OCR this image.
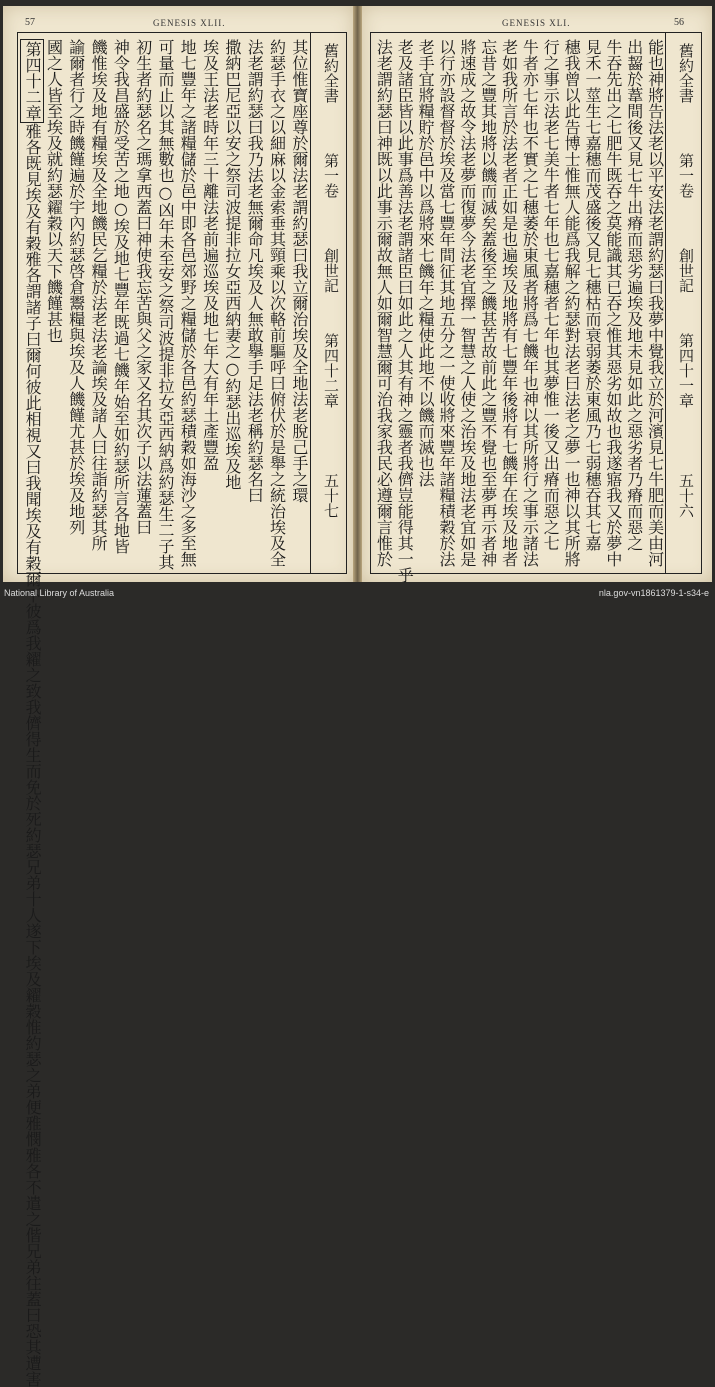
57	GENESIS XLII.
其位惟寶座尊於爾法老謂約瑟曰我立爾治埃及全地法老脫己手之環
約瑟手衣之以細麻以金索垂其頸乘以次輅前驅呼曰俯伏於是舉之統治埃及全
法老謂約瑟曰我乃法老無爾命凡埃及人無敢擧手足法老稱約瑟名曰
撒納巴尼亞以安之祭司波提非拉女亞西納妻之○約瑟出巡埃及地
埃及王法老時年三十離法老前遍巡埃及地七年大有年土產豐盈
地七豐年之諸糧儲於邑中即各邑郊野之糧儲於各邑約瑟積穀如海沙之多至無
可量而止以其無數也○凶年未至安之祭司波提非拉女亞西納爲約瑟生二子其
初生者約瑟名之瑪拿西蓋曰神使我忘苦與父之家又名其次子以法蓮蓋曰
神令我昌盛於受苦之地○埃及地七豐年既過七饑年始至如約瑟所言各地皆
饑惟埃及地有糧埃及全地饑民乞糧於法老法老論埃及諸人曰往詣約瑟其所
諭爾者行之時饑饉遍於宇內約瑟啓倉鬻糧與埃及人饑饉尤甚於埃及地列
國之人皆至埃及就約瑟糴穀以天下饑饉甚也
第四十二章雅各既見埃及有穀雅各謂諸子曰爾何彼此相視又曰我聞埃及有穀爾下彼爲我糴之致我儕得生而免於死約瑟兄弟十人遂下埃及糴穀惟約瑟之弟便雅憫雅各不遣之偕兄弟往蓋曰恐其遭害
舊約全書
第一卷
創世記
第四十二章
五十七
GENESIS XLI.	56
能也神將告法老以平安法老謂約瑟曰我夢中覺我立於河濱見七牛肥而美由河
出齧於葦間後又見七牛出瘠而惡劣遍埃及地未見如此之惡劣者乃瘠而惡之
牛吞先出之七肥牛既吞之莫能識其已吞之惟其惡劣如故也我遂寤我又於夢中
見禾一莖生七嘉穗而茂盛後又見七穗枯而衰弱萎於東風乃七弱穗吞其七嘉
穗我曾以此告博士惟無人能爲我解之約瑟對法老曰法老之夢一也神以其所將
行之事示法老七美牛者七年也七嘉穗者七年也其夢惟一後又出瘠而惡之七
牛者亦七年也不實之七穗萎於東風者將爲七饑年也神以其所將行之事示諸法
老如我所言於法老者正如是也遍埃及地將有七豐年後將有七饑年在埃及地者
忘昔之豐其地將以饑而滅矣蓋後至之饑甚苦故前此之豐不覺也至夢再示者神
將速成之故令法老夢而復夢今法老宜擇一智慧之人使之治埃及地法老宜如是
以行亦設督督於埃及當七豐年間征其地五分之一使收將來豐年諸糧積穀於法
老手宜將糧貯於邑中以爲將來七饑年之糧使此地不以饑而滅也法
老及諸臣皆以此事爲善法老謂諸臣曰如此之人其有神之靈者我儕豈能得其一乎
法老謂約瑟曰神既以此事示爾故無人如爾智慧爾可治我家我民必遵爾言惟於	舊約全書
第一卷
創世記
第四十一章
五十六
National Library of Australia	nla.gov-vn1861379-1-s34-e
